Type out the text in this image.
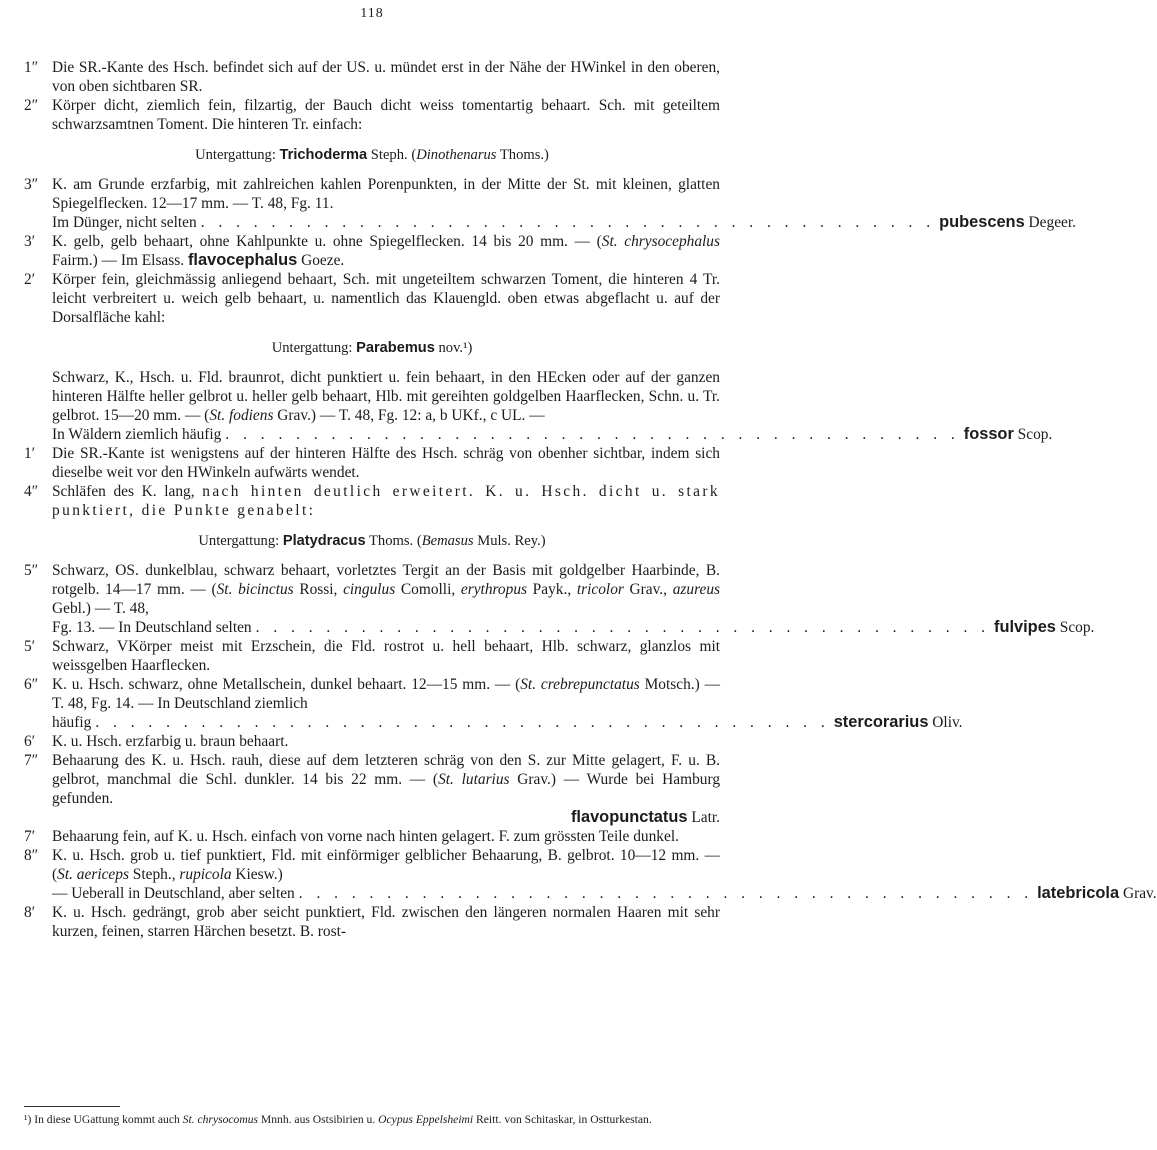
118
1″ Die SR.-Kante des Hsch. befindet sich auf der US. u. mündet erst in der Nähe der HWinkel in den oberen, von oben sichtbaren SR.
2″ Körper dicht, ziemlich fein, filzartig, der Bauch dicht weiss tomentartig behaart. Sch. mit geteiltem schwarzsamtnen Toment. Die hinteren Tr. einfach:
Untergattung: Trichoderma Steph. (Dinothenarus Thoms.)
3″ K. am Grunde erzfarbig, mit zahlreichen kahlen Porenpunkten, in der Mitte der St. mit kleinen, glatten Spiegelflecken. 12—17 mm. — T. 48, Fg. 11.
Im Dünger, nicht selten . . . . . . . . . . . . . . . . . . . . . . . . . . . . . . . . . . . . . . . . . . pubescens Degeer.
3′	K. gelb, gelb behaart, ohne Kahlpunkte u. ohne Spiegelflecken. 14 bis 20 mm. — (St. chrysocephalus Fairm.) — Im Elsass. flavocephalus Goeze.
2′	Körper fein, gleichmässig anliegend behaart, Sch. mit ungeteiltem schwarzen Toment, die hinteren 4 Tr. leicht verbreitert u. weich gelb behaart, u. namentlich das Klauengld. oben etwas abgeflacht u. auf der Dorsalfläche kahl:
Untergattung: Parabemus nov.¹)
Schwarz, K., Hsch. u. Fld. braunrot, dicht punktiert u. fein behaart, in den HEcken oder auf der ganzen hinteren Hälfte heller gelbrot u. heller gelb behaart, Hlb. mit gereihten goldgelben Haarflecken, Schn. u. Tr. gelbrot. 15—20 mm. — (St. fodiens Grav.) — T. 48, Fg. 12: a, b UKf., c UL. —
In Wäldern ziemlich häufig . . . . . . . . . . . . . . . . . . . . . . . . . . . . . . . . . . . . . . . . . . fossor Scop.
1′	Die SR.-Kante ist wenigstens auf der hinteren Hälfte des Hsch. schräg von obenher sichtbar, indem sich dieselbe weit vor den HWinkeln aufwärts wendet.
4″ Schläfen des K. lang, nach hinten deutlich erweitert. K. u. Hsch. dicht u. stark punktiert, die Punkte genabelt:
Untergattung: Platydracus Thoms. (Bemasus Muls. Rey.)
5″ Schwarz, OS. dunkelblau, schwarz behaart, vorletztes Tergit an der Basis mit goldgelber Haarbinde, B. rotgelb. 14—17 mm. — (St. bicinctus Rossi, cingulus Comolli, erythropus Payk., tricolor Grav., azureus Gebl.) — T. 48,
Fg. 13. — In Deutschland selten . . . . . . . . . . . . . . . . . . . . . . . . . . . . . . . . . . . . . . . . . . fulvipes Scop.
5′	Schwarz, VKörper meist mit Erzschein, die Fld. rostrot u. hell behaart, Hlb. schwarz, glanzlos mit weissgelben Haarflecken.
6″ K. u. Hsch. schwarz, ohne Metallschein, dunkel behaart. 12—15 mm. — (St. crebrepunctatus Motsch.) — T. 48, Fg. 14. — In Deutschland ziemlich
häufig . . . . . . . . . . . . . . . . . . . . . . . . . . . . . . . . . . . . . . . . . . stercorarius Oliv.
6′	K. u. Hsch. erzfarbig u. braun behaart.
7″ Behaarung des K. u. Hsch. rauh, diese auf dem letzteren schräg von den S. zur Mitte gelagert, F. u. B. gelbrot, manchmal die Schl. dunkler. 14 bis 22 mm. — (St. lutarius Grav.) — Wurde bei Hamburg gefunden.
flavopunctatus Latr.
7′	Behaarung fein, auf K. u. Hsch. einfach von vorne nach hinten gelagert. F. zum grössten Teile dunkel.
8″ K. u. Hsch. grob u. tief punktiert, Fld. mit einförmiger gelblicher Behaarung, B. gelbrot. 10—12 mm. — (St. aericeps Steph., rupicola Kiesw.)
— Ueberall in Deutschland, aber selten . . . . . . . . . . . . . . . . . . . . . . . . . . . . . . . . . . . . . . . . . . latebricola Grav.
8′	K. u. Hsch. gedrängt, grob aber seicht punktiert, Fld. zwischen den längeren normalen Haaren mit sehr kurzen, feinen, starren Härchen besetzt. B. rost-
¹) In diese UGattung kommt auch St. chrysocomus Mnnh. aus Ostsibirien u. Ocypus Eppelsheimi Reitt. von Schitaskar, in Ostturkestan.
